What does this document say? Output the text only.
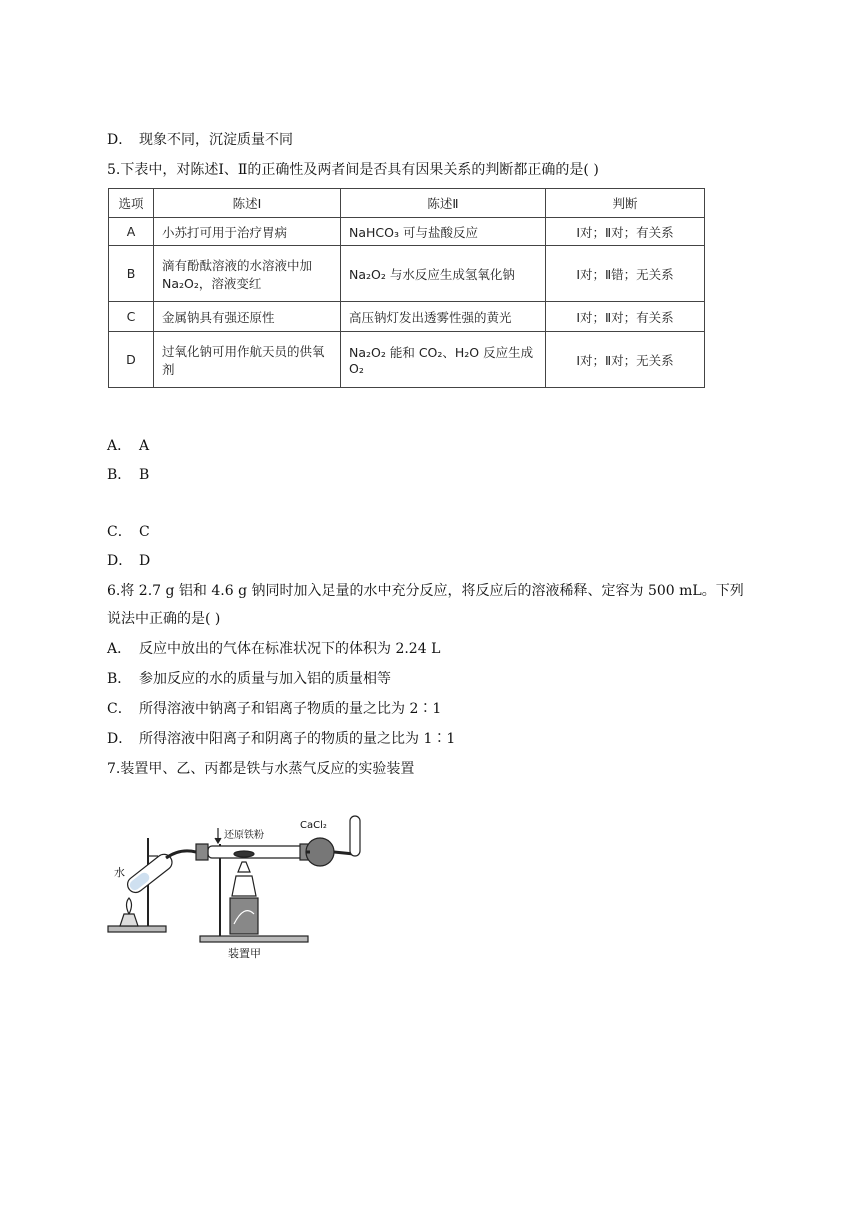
D． 现象不同，沉淀质量不同
5.下表中，对陈述Ⅰ、Ⅱ的正确性及两者间是否具有因果关系的判断都正确的是( )
选项	陈述Ⅰ	陈述Ⅱ	判断
A	小苏打可用于治疗胃病	NaHCO₃ 可与盐酸反应	Ⅰ对；Ⅱ对；有关系
B	滴有酚酞溶液的水溶液中加 Na₂O₂，溶液变红	Na₂O₂ 与水反应生成氢氧化钠	Ⅰ对；Ⅱ错；无关系
C	金属钠具有强还原性	高压钠灯发出透雾性强的黄光	Ⅰ对；Ⅱ对；有关系
D	过氧化钠可用作航天员的供氧剂	Na₂O₂ 能和 CO₂、H₂O 反应生成 O₂	Ⅰ对；Ⅱ对；无关系
A． A
B． B
C． C
D． D
6.将 2.7 g 铝和 4.6 g 钠同时加入足量的水中充分反应，将反应后的溶液稀释、定容为 500 mL。下列
说法中正确的是( )
A． 反应中放出的气体在标准状况下的体积为 2.24 L
B． 参加反应的水的质量与加入铝的质量相等
C． 所得溶液中钠离子和铝离子物质的量之比为 2∶1
D． 所得溶液中阳离子和阴离子的物质的量之比为 1∶1
7.装置甲、乙、丙都是铁与水蒸气反应的实验装置
水
还原铁粉
CaCl₂
装置甲
